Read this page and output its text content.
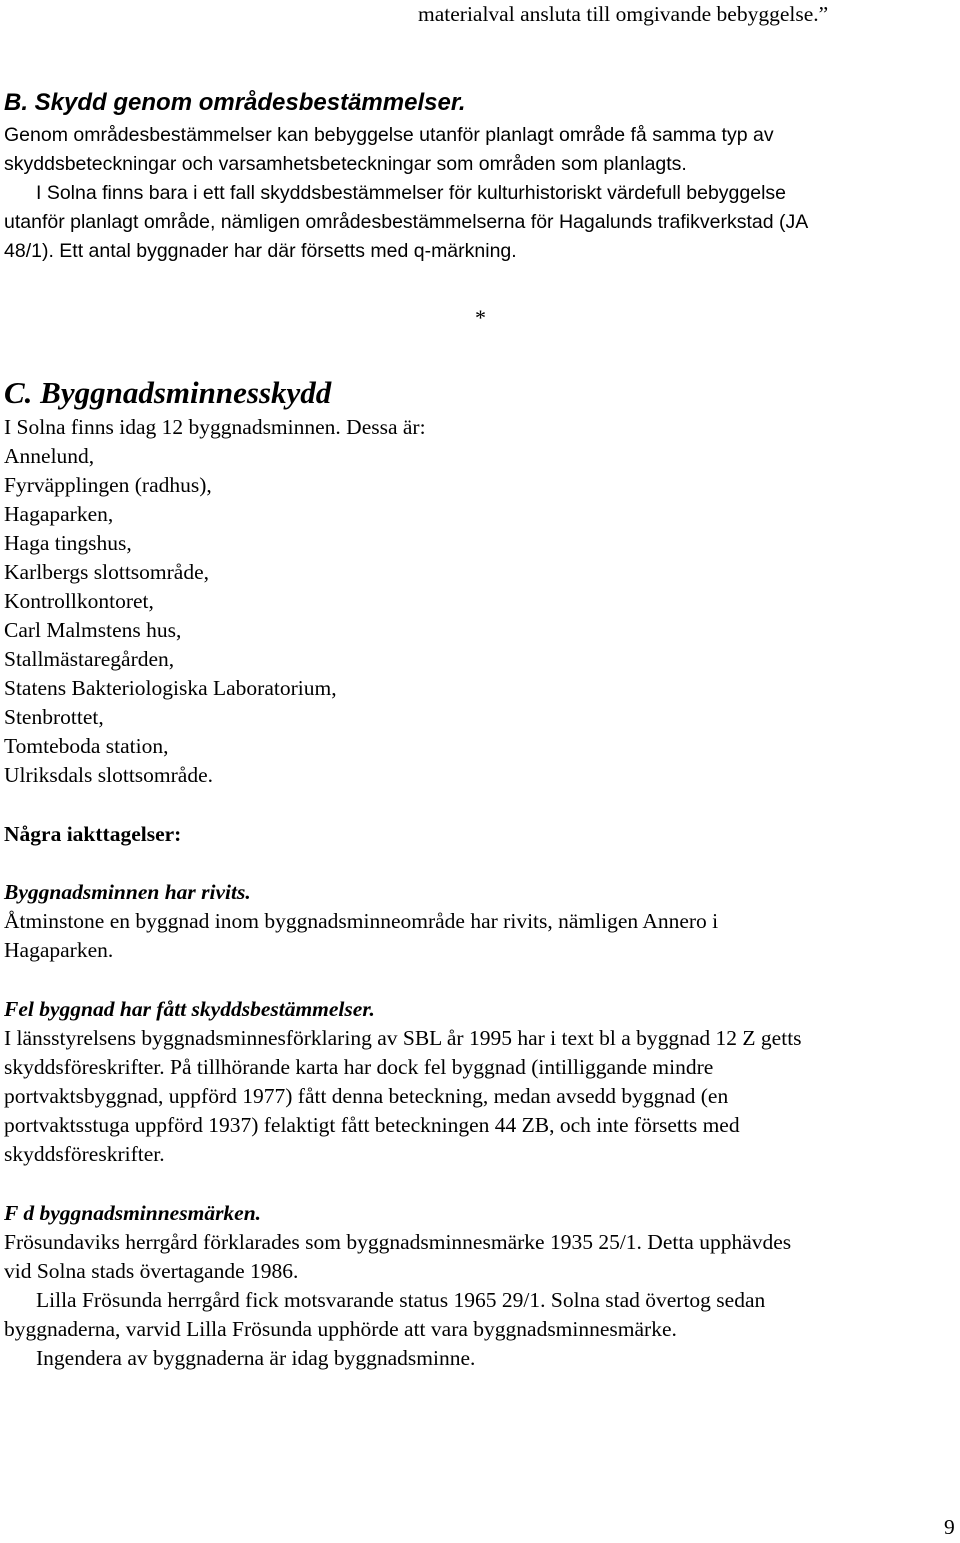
materialval ansluta till omgivande bebyggelse.”
B. Skydd genom områdesbestämmelser.
Genom områdesbestämmelser kan bebyggelse utanför planlagt område få samma typ av
skyddsbeteckningar och varsamhetsbeteckningar som områden som planlagts.
I Solna finns bara i ett fall skyddsbestämmelser för kulturhistoriskt värdefull bebyggelse
utanför planlagt område, nämligen områdesbestämmelserna för Hagalunds trafikverkstad (JA
48/1). Ett antal byggnader har där försetts med q-märkning.
*
C. Byggnadsminnesskydd
I Solna finns idag 12 byggnadsminnen. Dessa är:
Annelund,
Fyrväpplingen (radhus),
Hagaparken,
Haga tingshus,
Karlbergs slottsområde,
Kontrollkontoret,
Carl Malmstens hus,
Stallmästaregården,
Statens Bakteriologiska Laboratorium,
Stenbrottet,
Tomteboda station,
Ulriksdals slottsområde.
Några iakttagelser:
Byggnadsminnen har rivits.
Åtminstone en byggnad inom byggnadsminneområde har rivits, nämligen Annero i
Hagaparken.
Fel byggnad har fått skyddsbestämmelser.
I länsstyrelsens byggnadsminnesförklaring av SBL år 1995 har i text bl a byggnad 12 Z getts
skyddsföreskrifter. På tillhörande karta har dock fel byggnad (intilliggande mindre
portvaktsbyggnad, uppförd 1977) fått denna beteckning, medan avsedd byggnad (en
portvaktsstuga uppförd 1937) felaktigt fått beteckningen 44 ZB, och inte försetts med
skyddsföreskrifter.
F d byggnadsminnesmärken.
Frösundaviks herrgård förklarades som byggnadsminnesmärke 1935 25/1. Detta upphävdes
vid Solna stads övertagande 1986.
Lilla Frösunda herrgård fick motsvarande status 1965 29/1. Solna stad övertog sedan
byggnaderna, varvid Lilla Frösunda upphörde att vara byggnadsminnesmärke.
Ingendera av byggnaderna är idag byggnadsminne.
9
